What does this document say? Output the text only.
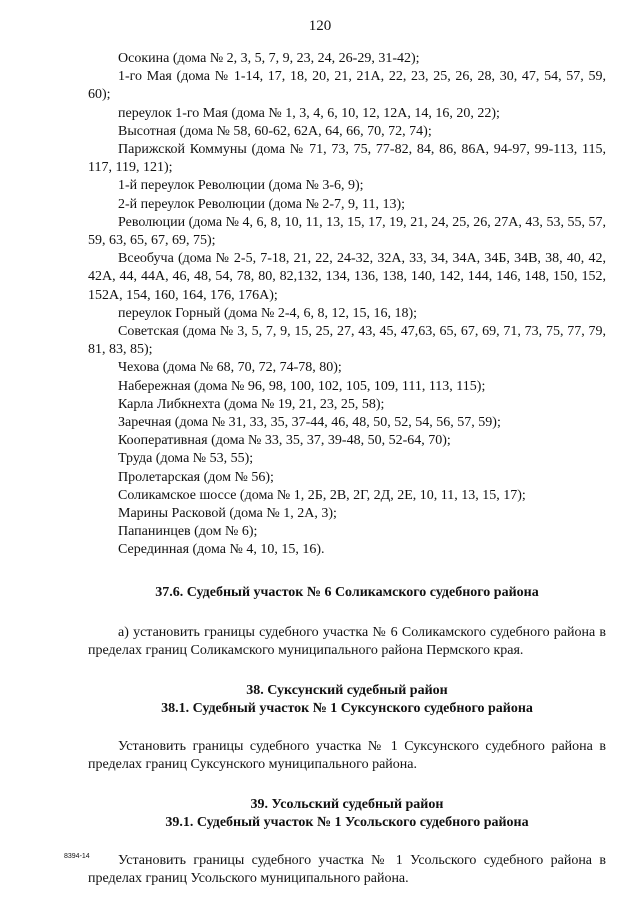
120

Осокина (дома № 2, 3, 5, 7, 9, 23, 24, 26-29, 31-42);

1-го Мая (дома № 1-14, 17, 18, 20, 21, 21А, 22, 23, 25, 26, 28, 30, 47, 54, 57, 59, 60);

переулок 1-го Мая (дома № 1, 3, 4, 6, 10, 12, 12А, 14, 16, 20, 22);

Высотная (дома № 58, 60-62, 62А, 64, 66, 70, 72, 74);

Парижской Коммуны (дома № 71, 73, 75, 77-82, 84, 86, 86А, 94-97, 99-113, 115, 117, 119, 121);

1-й переулок Революции (дома № 3-6, 9);

2-й переулок Революции (дома № 2-7, 9, 11, 13);

Революции (дома № 4, 6, 8, 10, 11, 13, 15, 17, 19, 21, 24, 25, 26, 27А, 43, 53, 55, 57, 59, 63, 65, 67, 69, 75);

Всеобуча (дома № 2-5, 7-18, 21, 22, 24-32, 32А, 33, 34, 34А, 34Б, 34В, 38, 40, 42, 42А, 44, 44А, 46, 48, 54, 78, 80, 82,132, 134, 136, 138, 140, 142, 144, 146, 148, 150, 152, 152А, 154, 160, 164, 176, 176А);

переулок Горный (дома № 2-4, 6, 8, 12, 15, 16, 18);

Советская (дома № 3, 5, 7, 9, 15, 25, 27, 43, 45, 47,63, 65, 67, 69, 71, 73, 75, 77, 79, 81, 83, 85);

Чехова (дома № 68, 70, 72, 74-78, 80);

Набережная (дома № 96, 98, 100, 102, 105, 109, 111, 113, 115);

Карла Либкнехта (дома № 19, 21, 23, 25, 58);

Заречная (дома № 31, 33, 35, 37-44, 46, 48, 50, 52, 54, 56, 57, 59);

Кооперативная (дома № 33, 35, 37, 39-48, 50, 52-64, 70);

Труда (дома № 53, 55);

Пролетарская (дом № 56);

Соликамское шоссе (дома № 1, 2Б, 2В, 2Г, 2Д, 2Е, 10, 11, 13, 15, 17);

Марины Расковой (дома № 1, 2А, 3);

Папанинцев (дом № 6);

Серединная (дома № 4, 10, 15, 16).

37.6. Судебный участок № 6 Соликамского судебного района

а) установить границы судебного участка № 6 Соликамского судебного района в пределах границ Соликамского муниципального района Пермского края.

38. Суксунский судебный район

38.1. Судебный участок № 1 Суксунского судебного района

Установить границы судебного участка № 1 Суксунского судебного района в пределах границ Суксунского муниципального района.

39. Усольский судебный район

39.1. Судебный участок № 1 Усольского судебного района

Установить границы судебного участка № 1 Усольского судебного района в пределах границ Усольского муниципального района.

8394-14
